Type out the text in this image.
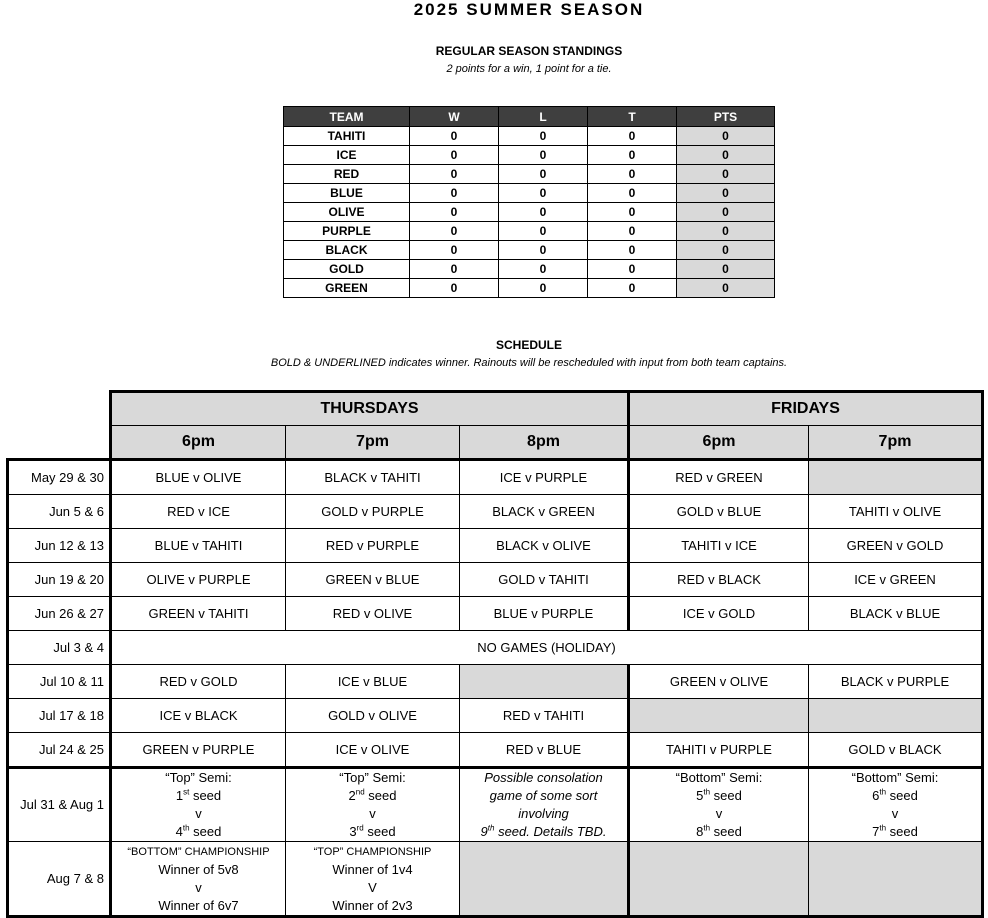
2025 SUMMER SEASON
REGULAR SEASON STANDINGS
2 points for a win, 1 point for a tie.
TEAM	W	L	T	PTS
TAHITI	0	0	0	0
ICE	0	0	0	0
RED	0	0	0	0
BLUE	0	0	0	0
OLIVE	0	0	0	0
PURPLE	0	0	0	0
BLACK	0	0	0	0
GOLD	0	0	0	0
GREEN	0	0	0	0
SCHEDULE
BOLD & UNDERLINED indicates winner. Rainouts will be rescheduled with input from both team captains.
	THURSDAYS			FRIDAYS	
	6pm	7pm	8pm	6pm	7pm
May 29 & 30	BLUE v OLIVE	BLACK v TAHITI	ICE v PURPLE	RED v GREEN	
Jun 5 & 6	RED v ICE	GOLD v PURPLE	BLACK v GREEN	GOLD v BLUE	TAHITI v OLIVE
Jun 12 & 13	BLUE v TAHITI	RED v PURPLE	BLACK v OLIVE	TAHITI v ICE	GREEN v GOLD
Jun 19 & 20	OLIVE v PURPLE	GREEN v BLUE	GOLD v TAHITI	RED v BLACK	ICE v GREEN
Jun 26 & 27	GREEN v TAHITI	RED v OLIVE	BLUE v PURPLE	ICE v GOLD	BLACK v BLUE
Jul 3 & 4	NO GAMES (HOLIDAY)				
Jul 10 & 11	RED v GOLD	ICE v BLUE		GREEN v OLIVE	BLACK v PURPLE
Jul 17 & 18	ICE v BLACK	GOLD v OLIVE	RED v TAHITI		
Jul 24 & 25	GREEN v PURPLE	ICE v OLIVE	RED v BLUE	TAHITI v PURPLE	GOLD v BLACK
Jul 31 & Aug 1	“Top” Semi:
1st seed
v
4th seed	“Top” Semi:
2nd seed
v
3rd seed	Possible consolation
game of some sort
involving
9th seed. Details TBD.	“Bottom” Semi:
5th seed
v
8th seed	“Bottom” Semi:
6th seed
v
7th seed
Aug 7 & 8	“BOTTOM” CHAMPIONSHIP
Winner of 5v8
v
Winner of 6v7	“TOP” CHAMPIONSHIP
Winner of 1v4
V
Winner of 2v3			
